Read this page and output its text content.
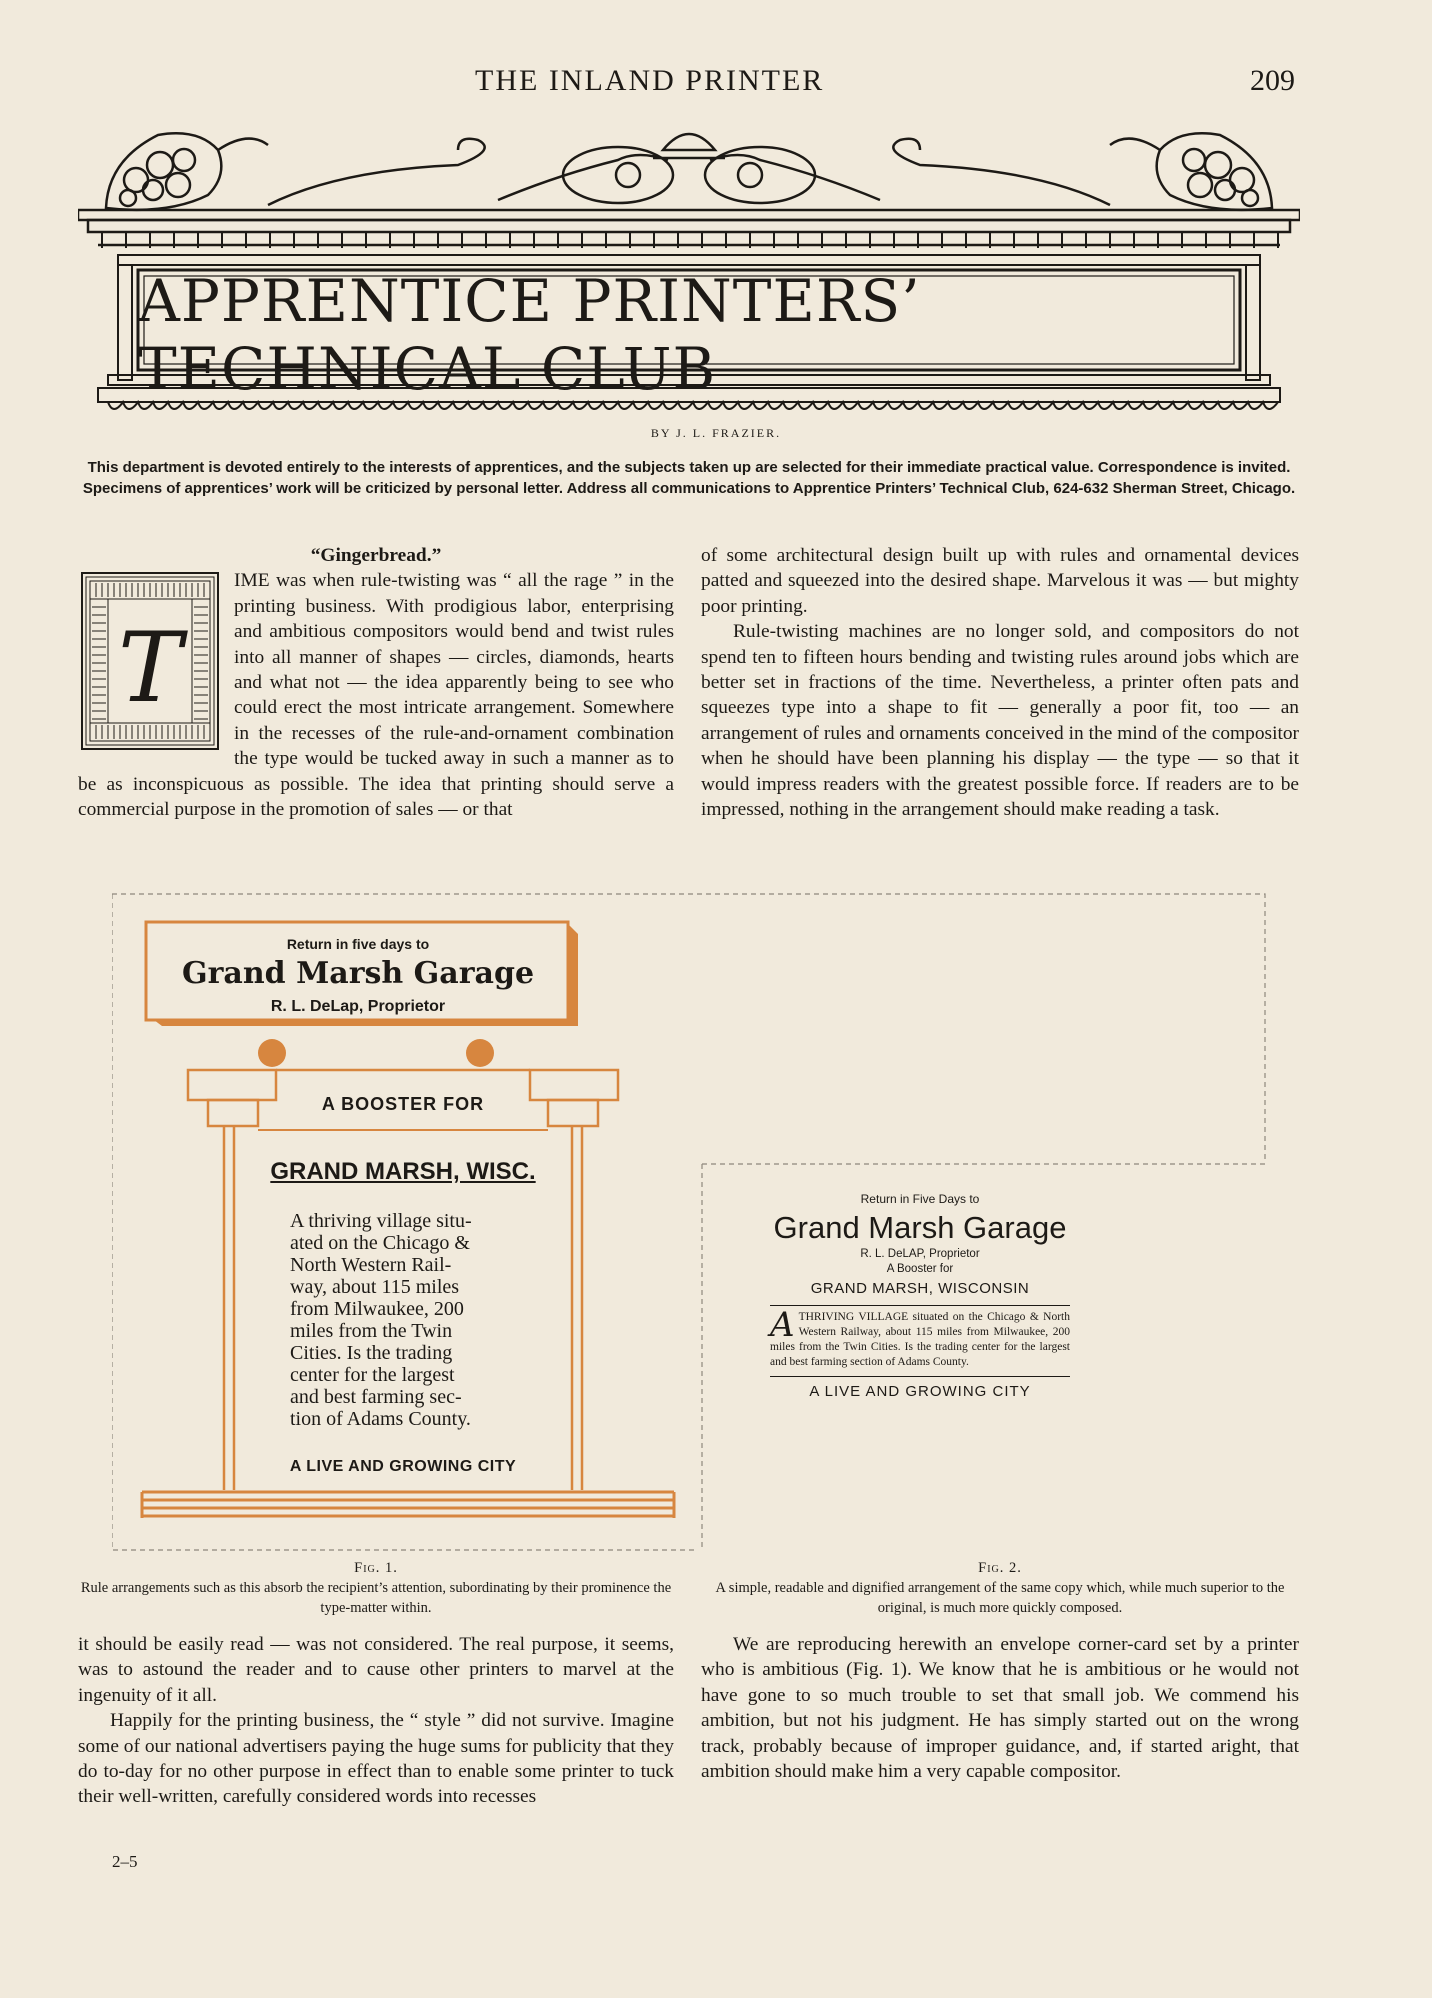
THE INLAND PRINTER	209
APPRENTICE PRINTERS’ TECHNICAL CLUB
BY J. L. FRAZIER.
This department is devoted entirely to the interests of apprentices, and the subjects taken up are selected for their immediate practical value. Correspondence is invited. Specimens of apprentices’ work will be criticized by personal letter. Address all communications to Apprentice Printers’ Technical Club, 624-632 Sherman Street, Chicago.

“Gingerbread.”

T

IME was when rule-twisting was “ all the rage ” in the printing business. With prodigious labor, enterprising and ambitious compositors would bend and twist rules into all manner of shapes — circles, diamonds, hearts and what not — the idea apparently being to see who could erect the most intricate arrangement. Somewhere in the recesses of the rule-and-ornament combination the type would be tucked away in such a manner as to be as inconspicuous as possible. The idea that printing should serve a commercial purpose in the promotion of sales — or that

of some architectural design built up with rules and ornamental devices patted and squeezed into the desired shape. Marvelous it was — but mighty poor printing.

Rule-twisting machines are no longer sold, and compositors do not spend ten to fifteen hours bending and twisting rules around jobs which are better set in fractions of the time. Nevertheless, a printer often pats and squeezes type into a shape to fit — generally a poor fit, too — an arrangement of rules and ornaments conceived in the mind of the compositor when he should have been planning his display — the type — so that it would impress readers with the greatest possible force. If readers are to be impressed, nothing in the arrangement should make reading a task.

Return in five days to
Grand Marsh Garage
R. L. DeLap, Proprietor
A BOOSTER FOR
GRAND MARSH, WISC.
A thriving village situ-
ated on the Chicago &
North Western Rail-
way, about 115 miles
from Milwaukee, 200
miles from the Twin
Cities. Is the trading
center for the largest
and best farming sec-
tion of Adams County.
A LIVE AND GROWING CITY
Return in Five Days to
Grand Marsh Garage
R. L. DeLAP, Proprietor
A Booster for
GRAND MARSH, WISCONSIN
A THRIVING VILLAGE situated on the Chicago & North Western Railway, about 115 miles from Milwaukee, 200 miles from the Twin Cities. Is the trading center for the largest and best farming section of Adams County.
A LIVE AND GROWING CITY
Fig. 1.
Rule arrangements such as this absorb the recipient’s attention, subordinating by their prominence the type-matter within.
Fig. 2.
A simple, readable and dignified arrangement of the same copy which, while much superior to the original, is much more quickly composed.

it should be easily read — was not considered. The real purpose, it seems, was to astound the reader and to cause other printers to marvel at the ingenuity of it all.

Happily for the printing business, the “ style ” did not survive. Imagine some of our national advertisers paying the huge sums for publicity that they do to-day for no other purpose in effect than to enable some printer to tuck their well-written, carefully considered words into recesses

We are reproducing herewith an envelope corner-card set by a printer who is ambitious (Fig. 1). We know that he is ambitious or he would not have gone to so much trouble to set that small job. We commend his ambition, but not his judgment. He has simply started out on the wrong track, probably because of improper guidance, and, if started aright, that ambition should make him a very capable compositor.

2–5
